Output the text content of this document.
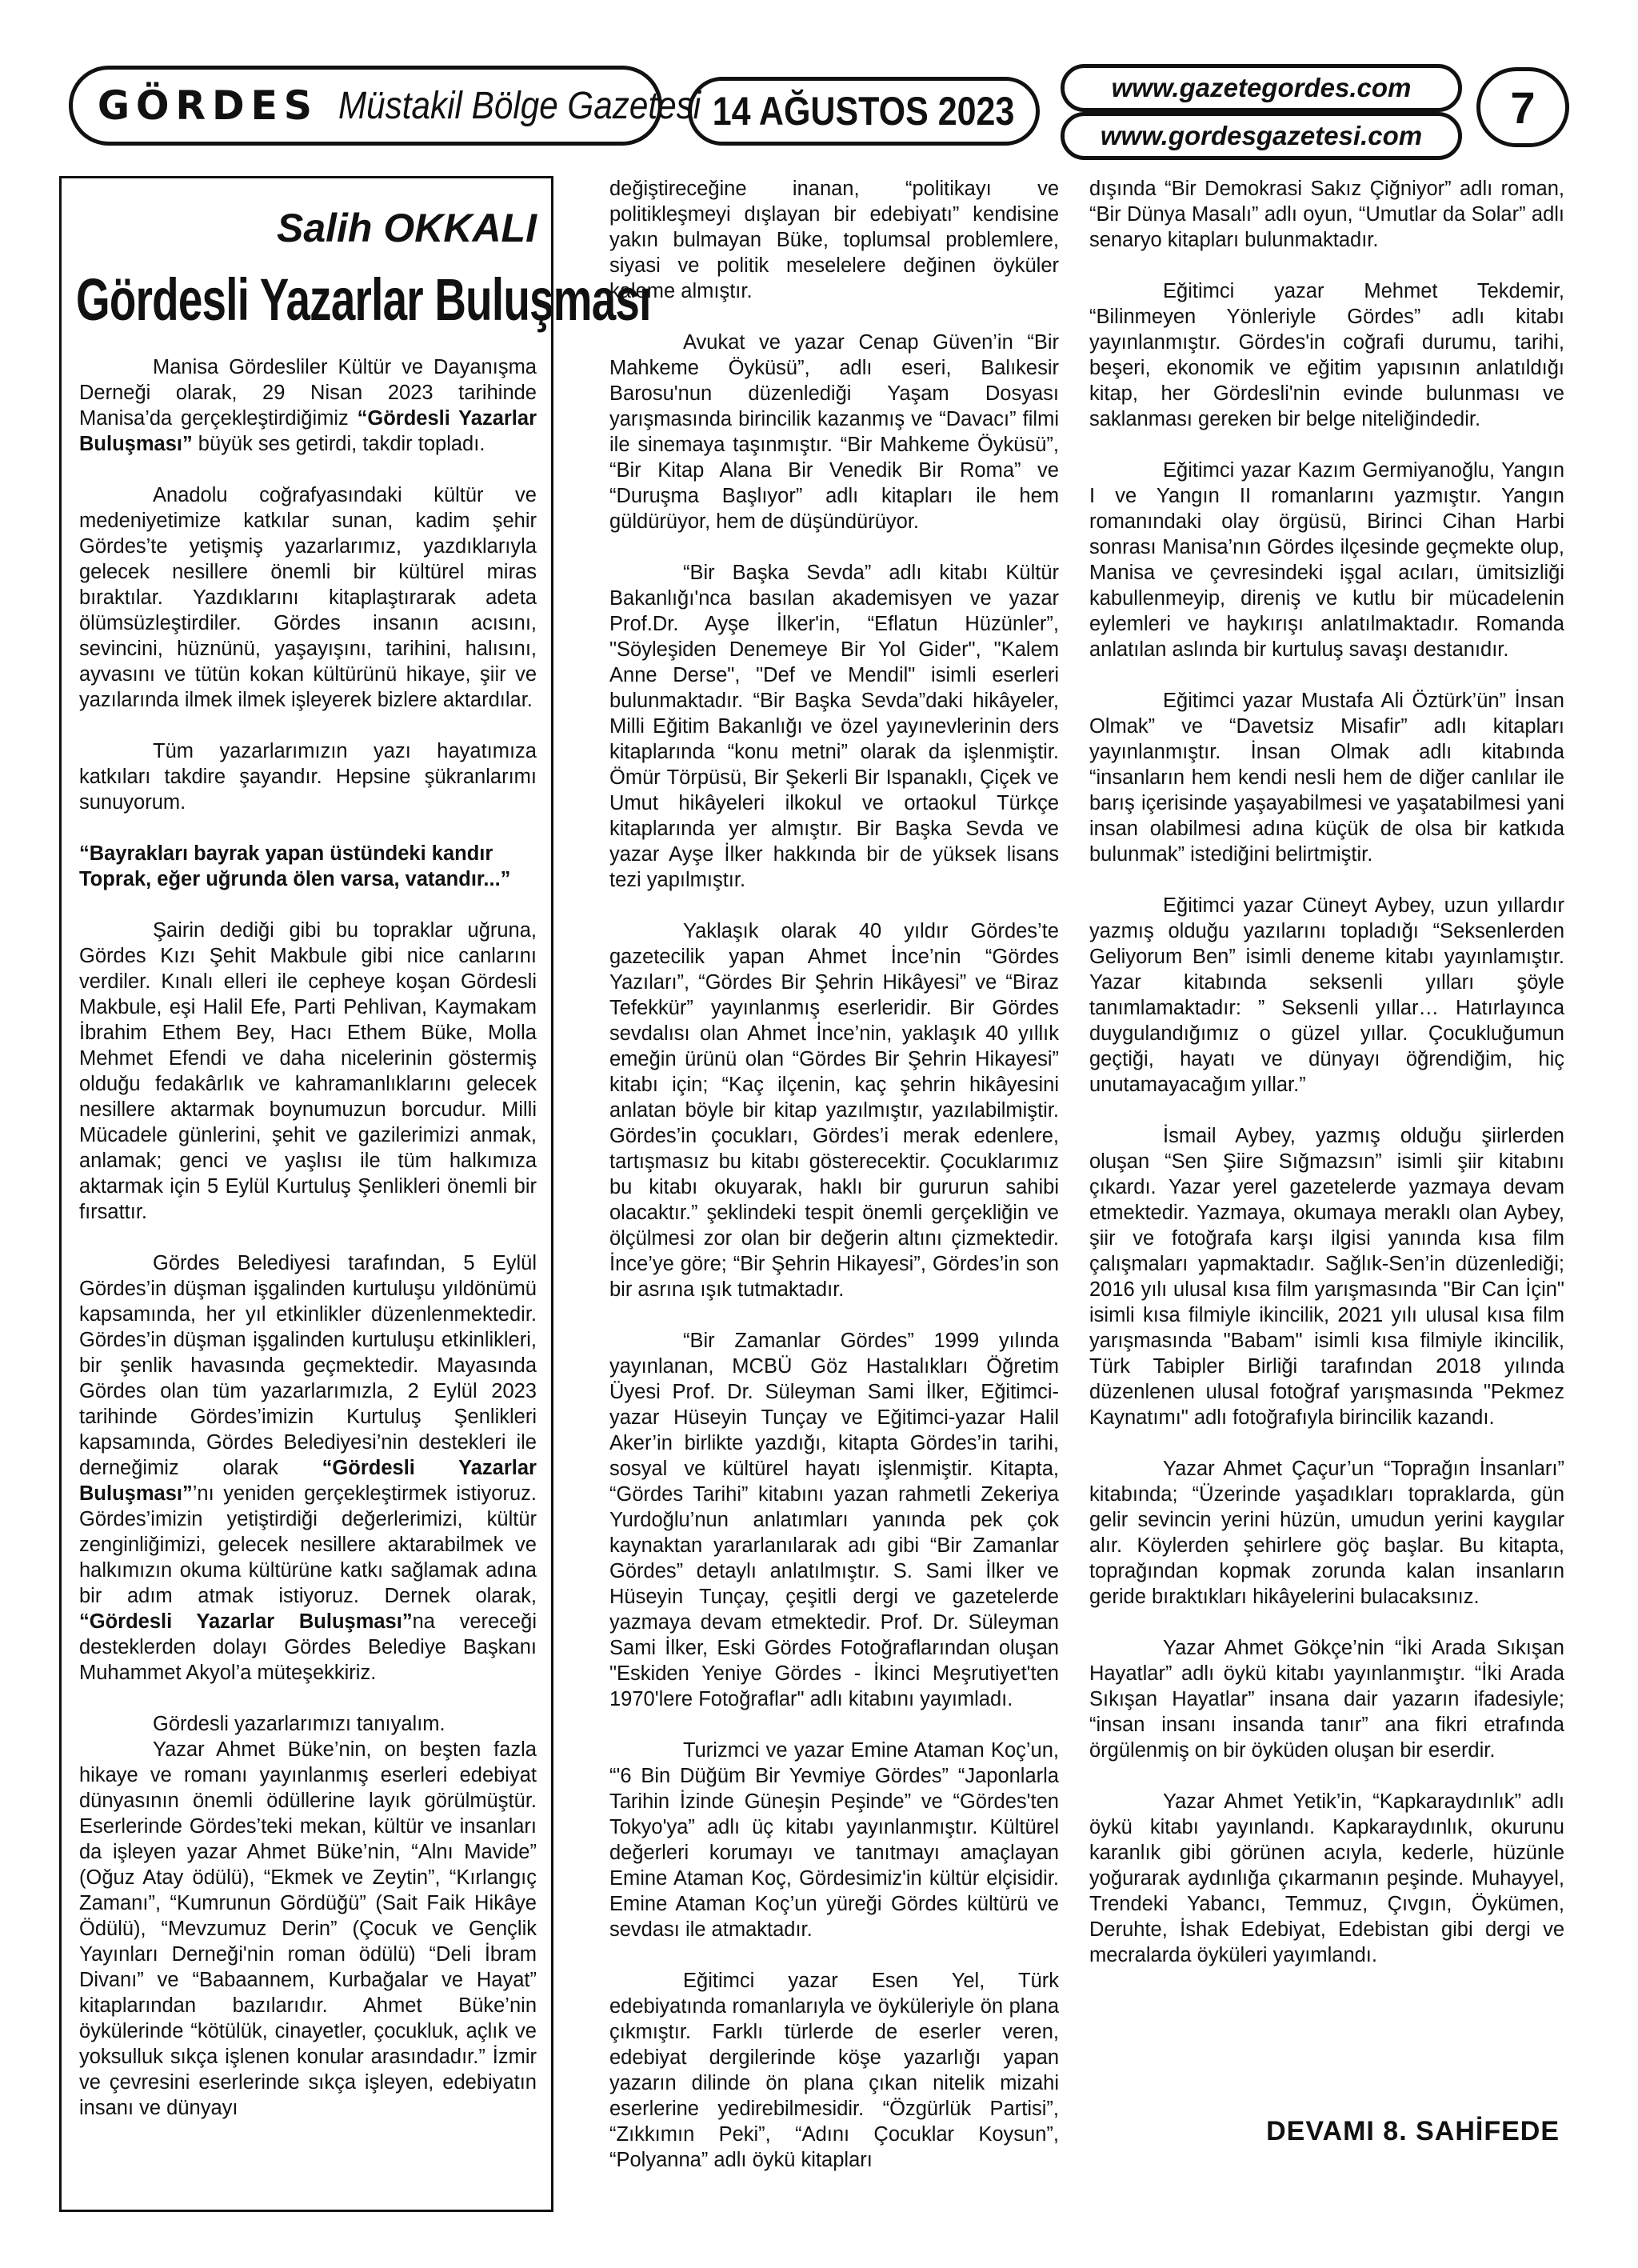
GÖRDES Müstakil Bölge Gazetesi 14 AĞUSTOS 2023
www.gazetegordes.com
www.gordesgazetesi.com
7
Salih OKKALI
Gördesli Yazarlar Buluşması

Manisa Gördesliler Kültür ve Dayanışma Derneği olarak, 29 Nisan 2023 tarihinde Manisa’da gerçekleştirdiğimiz “Gördesli Yazarlar Buluşması” büyük ses getirdi, takdir topladı.

Anadolu coğrafyasındaki kültür ve medeniyetimize katkılar sunan, kadim şehir Gördes’te yetişmiş yazarlarımız, yazdıklarıyla gelecek nesillere önemli bir kültürel miras bıraktılar. Yazdıklarını kitaplaştırarak adeta ölümsüzleştirdiler. Gördes insanın acısını, sevincini, hüznünü, yaşayışını, tarihini, halısını, ayvasını ve tütün kokan kültürünü hikaye, şiir ve yazılarında ilmek ilmek işleyerek bizlere aktardılar.

Tüm yazarlarımızın yazı hayatımıza katkıları takdire şayandır. Hepsine şükranlarımı sunuyorum.

“Bayrakları bayrak yapan üstündeki kandır

Toprak, eğer uğrunda ölen varsa, vatandır...”

Şairin dediği gibi bu topraklar uğruna, Gördes Kızı Şehit Makbule gibi nice canlarını verdiler. Kınalı elleri ile cepheye koşan Gördesli Makbule, eşi Halil Efe, Parti Pehlivan, Kaymakam İbrahim Ethem Bey, Hacı Ethem Büke, Molla Mehmet Efendi ve daha nicelerinin göstermiş olduğu fedakârlık ve kahramanlıklarını gelecek nesillere aktarmak boynumuzun borcudur. Milli Mücadele günlerini, şehit ve gazilerimizi anmak, anlamak; genci ve yaşlısı ile tüm halkımıza aktarmak için 5 Eylül Kurtuluş Şenlikleri önemli bir fırsattır.

Gördes Belediyesi tarafından, 5 Eylül Gördes’in düşman işgalinden kurtuluşu yıldönümü kapsamında, her yıl etkinlikler düzenlenmektedir. Gördes’in düşman işgalinden kurtuluşu etkinlikleri, bir şenlik havasında geçmektedir. Mayasında Gördes olan tüm yazarlarımızla, 2 Eylül 2023 tarihinde Gördes’imizin Kurtuluş Şenlikleri kapsamında, Gördes Belediyesi’nin destekleri ile derneğimiz olarak “Gördesli Yazarlar Buluşması”’nı yeniden gerçekleştirmek istiyoruz. Gördes’imizin yetiştirdiği değerlerimizi, kültür zenginliğimizi, gelecek nesillere aktarabilmek ve halkımızın okuma kültürüne katkı sağlamak adına bir adım atmak istiyoruz. Dernek olarak, “Gördesli Yazarlar Buluşması”na vereceği desteklerden dolayı Gördes Belediye Başkanı Muhammet Akyol’a müteşekkiriz.

Gördesli yazarlarımızı tanıyalım.

Yazar Ahmet Büke’nin, on beşten fazla hikaye ve romanı yayınlanmış eserleri edebiyat dünyasının önemli ödüllerine layık görülmüştür. Eserlerinde Gördes’teki mekan, kültür ve insanları da işleyen yazar Ahmet Büke’nin, “Alnı Mavide” (Oğuz Atay ödülü), “Ekmek ve Zeytin”, “Kırlangıç Zamanı”, “Kumrunun Gördüğü” (Sait Faik Hikâye Ödülü), “Mevzumuz Derin” (Çocuk ve Gençlik Yayınları Derneği'nin roman ödülü) “Deli İbram Divanı” ve “Babaannem, Kurbağalar ve Hayat” kitaplarından bazılarıdır. Ahmet Büke’nin öykülerinde “kötülük, cinayetler, çocukluk, açlık ve yoksulluk sıkça işlenen konular arasındadır.” İzmir ve çevresini eserlerinde sıkça işleyen, edebiyatın insanı ve dünyayı

değiştireceğine inanan, “politikayı ve politikleşmeyi dışlayan bir edebiyatı” kendisine yakın bulmayan Büke, toplumsal problemlere, siyasi ve politik meselelere değinen öyküler kaleme almıştır.

Avukat ve yazar Cenap Güven’in “Bir Mahkeme Öyküsü”, adlı eseri, Balıkesir Barosu'nun düzenlediği Yaşam Dosyası yarışmasında birincilik kazanmış ve “Davacı” filmi ile sinemaya taşınmıştır. “Bir Mahkeme Öyküsü”, “Bir Kitap Alana Bir Venedik Bir Roma” ve “Duruşma Başlıyor” adlı kitapları ile hem güldürüyor, hem de düşündürüyor.

“Bir Başka Sevda” adlı kitabı Kültür Bakanlığı'nca basılan akademisyen ve yazar Prof.Dr. Ayşe İlker'in, “Eflatun Hüzünler”, "Söyleşiden Denemeye Bir Yol Gider", "Kalem Anne Derse", "Def ve Mendil" isimli eserleri bulunmaktadır. “Bir Başka Sevda”daki hikâyeler, Milli Eğitim Bakanlığı ve özel yayınevlerinin ders kitaplarında “konu metni” olarak da işlenmiştir. Ömür Törpüsü, Bir Şekerli Bir Ispanaklı, Çiçek ve Umut hikâyeleri ilkokul ve ortaokul Türkçe kitaplarında yer almıştır. Bir Başka Sevda ve yazar Ayşe İlker hakkında bir de yüksek lisans tezi yapılmıştır.

Yaklaşık olarak 40 yıldır Gördes’te gazetecilik yapan Ahmet İnce’nin “Gördes Yazıları”, “Gördes Bir Şehrin Hikâyesi” ve “Biraz Tefekkür” yayınlanmış eserleridir. Bir Gördes sevdalısı olan Ahmet İnce’nin, yaklaşık 40 yıllık emeğin ürünü olan “Gördes Bir Şehrin Hikayesi” kitabı için; “Kaç ilçenin, kaç şehrin hikâyesini anlatan böyle bir kitap yazılmıştır, yazılabilmiştir. Gördes’in çocukları, Gördes’i merak edenlere, tartışmasız bu kitabı gösterecektir. Çocuklarımız bu kitabı okuyarak, haklı bir gururun sahibi olacaktır.” şeklindeki tespit önemli gerçekliğin ve ölçülmesi zor olan bir değerin altını çizmektedir. İnce’ye göre; “Bir Şehrin Hikayesi”, Gördes’in son bir asrına ışık tutmaktadır.

“Bir Zamanlar Gördes” 1999 yılında yayınlanan, MCBÜ Göz Hastalıkları Öğretim Üyesi Prof. Dr. Süleyman Sami İlker, Eğitimci-yazar Hüseyin Tunçay ve Eğitimci-yazar Halil Aker’in birlikte yazdığı, kitapta Gördes’in tarihi, sosyal ve kültürel hayatı işlenmiştir. Kitapta, “Gördes Tarihi” kitabını yazan rahmetli Zekeriya Yurdoğlu’nun anlatımları yanında pek çok kaynaktan yararlanılarak adı gibi “Bir Zamanlar Gördes” detaylı anlatılmıştır. S. Sami İlker ve Hüseyin Tunçay, çeşitli dergi ve gazetelerde yazmaya devam etmektedir. Prof. Dr. Süleyman Sami İlker, Eski Gördes Fotoğraflarından oluşan "Eskiden Yeniye Gördes - İkinci Meşrutiyet'ten 1970'lere Fotoğraflar" adlı kitabını yayımladı.

Turizmci ve yazar Emine Ataman Koç’un, “'6 Bin Düğüm Bir Yevmiye Gördes” “Japonlarla Tarihin İzinde Güneşin Peşinde” ve “Gördes'ten Tokyo'ya” adlı üç kitabı yayınlanmıştır. Kültürel değerleri korumayı ve tanıtmayı amaçlayan Emine Ataman Koç, Gördesimiz'in kültür elçisidir. Emine Ataman Koç’un yüreği Gördes kültürü ve sevdası ile atmaktadır.

Eğitimci yazar Esen Yel, Türk edebiyatında romanlarıyla ve öyküleriyle ön plana çıkmıştır. Farklı türlerde de eserler veren, edebiyat dergilerinde köşe yazarlığı yapan yazarın dilinde ön plana çıkan nitelik mizahi eserlerine yedirebilmesidir. “Özgürlük Partisi”, “Zıkkımın Peki”, “Adını Çocuklar Koysun”, “Polyanna” adlı öykü kitapları

dışında “Bir Demokrasi Sakız Çiğniyor” adlı roman, “Bir Dünya Masalı” adlı oyun, “Umutlar da Solar” adlı senaryo kitapları bulunmaktadır.

Eğitimci yazar Mehmet Tekdemir, “Bilinmeyen Yönleriyle Gördes” adlı kitabı yayınlanmıştır. Gördes'in coğrafi durumu, tarihi, beşeri, ekonomik ve eğitim yapısının anlatıldığı kitap, her Gördesli'nin evinde bulunması ve saklanması gereken bir belge niteliğindedir.

Eğitimci yazar Kazım Germiyanoğlu, Yangın I ve Yangın II romanlarını yazmıştır. Yangın romanındaki olay örgüsü, Birinci Cihan Harbi sonrası Manisa’nın Gördes ilçesinde geçmekte olup, Manisa ve çevresindeki işgal acıları, ümitsizliği kabullenmeyip, direniş ve kutlu bir mücadelenin eylemleri ve haykırışı anlatılmaktadır. Romanda anlatılan aslında bir kurtuluş savaşı destanıdır.

Eğitimci yazar Mustafa Ali Öztürk’ün” İnsan Olmak” ve “Davetsiz Misafir” adlı kitapları yayınlanmıştır. İnsan Olmak adlı kitabında “insanların hem kendi nesli hem de diğer canlılar ile barış içerisinde yaşayabilmesi ve yaşatabilmesi yani insan olabilmesi adına küçük de olsa bir katkıda bulunmak” istediğini belirtmiştir.

Eğitimci yazar Cüneyt Aybey, uzun yıllardır yazmış olduğu yazılarını topladığı “Seksenlerden Geliyorum Ben” isimli deneme kitabı yayınlamıştır. Yazar kitabında seksenli yılları şöyle tanımlamaktadır: ” Seksenli yıllar… Hatırlayınca duygulandığımız o güzel yıllar. Çocukluğumun geçtiği, hayatı ve dünyayı öğrendiğim, hiç unutamayacağım yıllar.”

İsmail Aybey, yazmış olduğu şiirlerden oluşan “Sen Şiire Sığmazsın” isimli şiir kitabını çıkardı. Yazar yerel gazetelerde yazmaya devam etmektedir. Yazmaya, okumaya meraklı olan Aybey, şiir ve fotoğrafa karşı ilgisi yanında kısa film çalışmaları yapmaktadır. Sağlık-Sen’in düzenlediği; 2016 yılı ulusal kısa film yarışmasında "Bir Can İçin" isimli kısa filmiyle ikincilik, 2021 yılı ulusal kısa film yarışmasında "Babam" isimli kısa filmiyle ikincilik, Türk Tabipler Birliği tarafından 2018 yılında düzenlenen ulusal fotoğraf yarışmasında "Pekmez Kaynatımı" adlı fotoğrafıyla birincilik kazandı.

Yazar Ahmet Çaçur’un “Toprağın İnsanları” kitabında; “Üzerinde yaşadıkları topraklarda, gün gelir sevincin yerini hüzün, umudun yerini kaygılar alır. Köylerden şehirlere göç başlar. Bu kitapta, toprağından kopmak zorunda kalan insanların geride bıraktıkları hikâyelerini bulacaksınız.

Yazar Ahmet Gökçe’nin “İki Arada Sıkışan Hayatlar” adlı öykü kitabı yayınlanmıştır. “İki Arada Sıkışan Hayatlar” insana dair yazarın ifadesiyle; “insan insanı insanda tanır” ana fikri etrafında örgülenmiş on bir öyküden oluşan bir eserdir.

Yazar Ahmet Yetik’in, “Kapkaraydınlık” adlı öykü kitabı yayınlandı. Kapkaraydınlık, okurunu karanlık gibi görünen acıyla, kederle, hüzünle yoğurarak aydınlığa çıkarmanın peşinde. Muhayyel, Trendeki Yabancı, Temmuz, Çıvgın, Öykümen, Deruhte, İshak Edebiyat, Edebistan gibi dergi ve mecralarda öyküleri yayımlandı.

DEVAMI 8. SAHİFEDE
